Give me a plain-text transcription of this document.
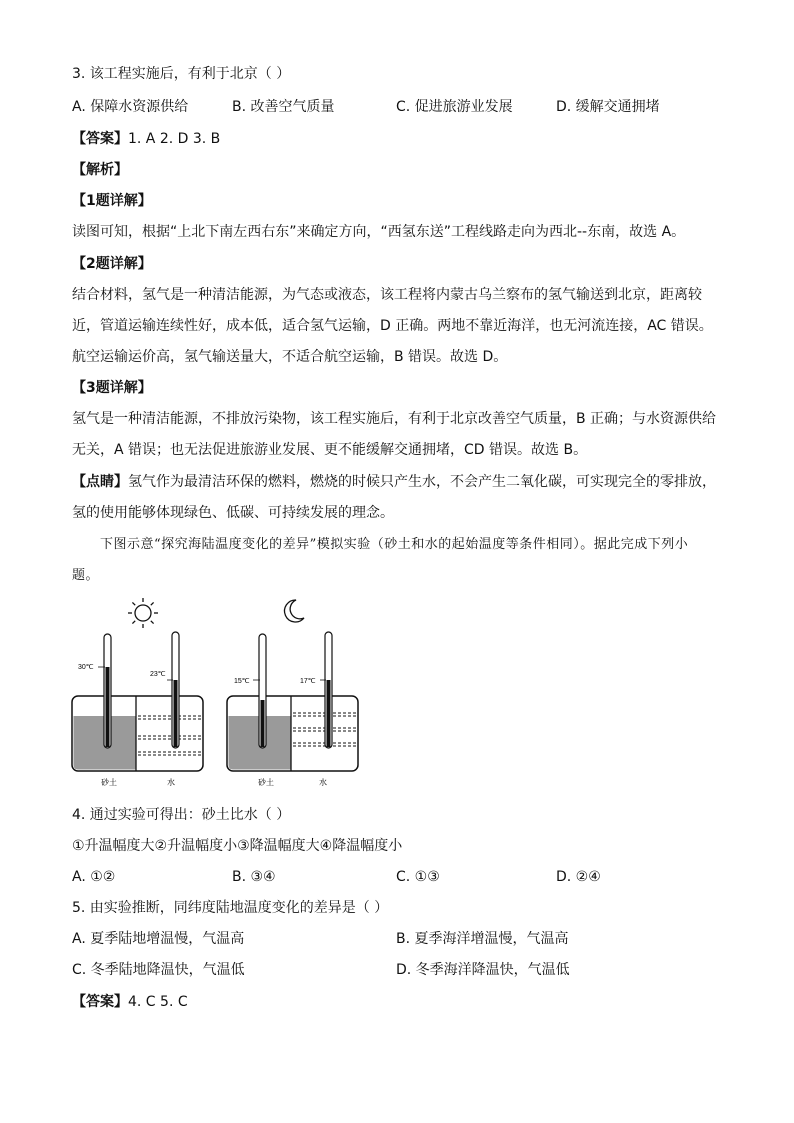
3. 该工程实施后，有利于北京（ ）
A. 保障水资源供给	B. 改善空气质量	C. 促进旅游业发展	D. 缓解交通拥堵
【答案】1. A 2. D 3. B
【解析】
【1题详解】
读图可知，根据“上北下南左西右东”来确定方向，“西氢东送”工程线路走向为西北--东南，故选 A。
【2题详解】
结合材料，氢气是一种清洁能源，为气态或液态，该工程将内蒙古乌兰察布的氢气输送到北京，距离较
近，管道运输连续性好，成本低，适合氢气运输，D 正确。两地不靠近海洋，也无河流连接，AC 错误。
航空运输运价高，氢气输送量大，不适合航空运输，B 错误。故选 D。
【3题详解】
氢气是一种清洁能源，不排放污染物，该工程实施后，有利于北京改善空气质量，B 正确；与水资源供给
无关，A 错误；也无法促进旅游业发展、更不能缓解交通拥堵，CD 错误。故选 B。
【点睛】氢气作为最清洁环保的燃料，燃烧的时候只产生水，不会产生二氧化碳，可实现完全的零排放，
氢的使用能够体现绿色、低碳、可持续发展的理念。
下图示意“探究海陆温度变化的差异”模拟实验（砂土和水的起始温度等条件相同）。据此完成下列小
题。
30℃
23℃
砂土	水
15℃	17℃
砂土	水
4. 通过实验可得出：砂土比水（ ）
①升温幅度大②升温幅度小③降温幅度大④降温幅度小
A. ①②	B. ③④	C. ①③	D. ②④
5. 由实验推断，同纬度陆地温度变化的差异是（ ）
A. 夏季陆地增温慢，气温高	B. 夏季海洋增温慢，气温高
C. 冬季陆地降温快，气温低	D. 冬季海洋降温快，气温低
【答案】4. C 5. C
